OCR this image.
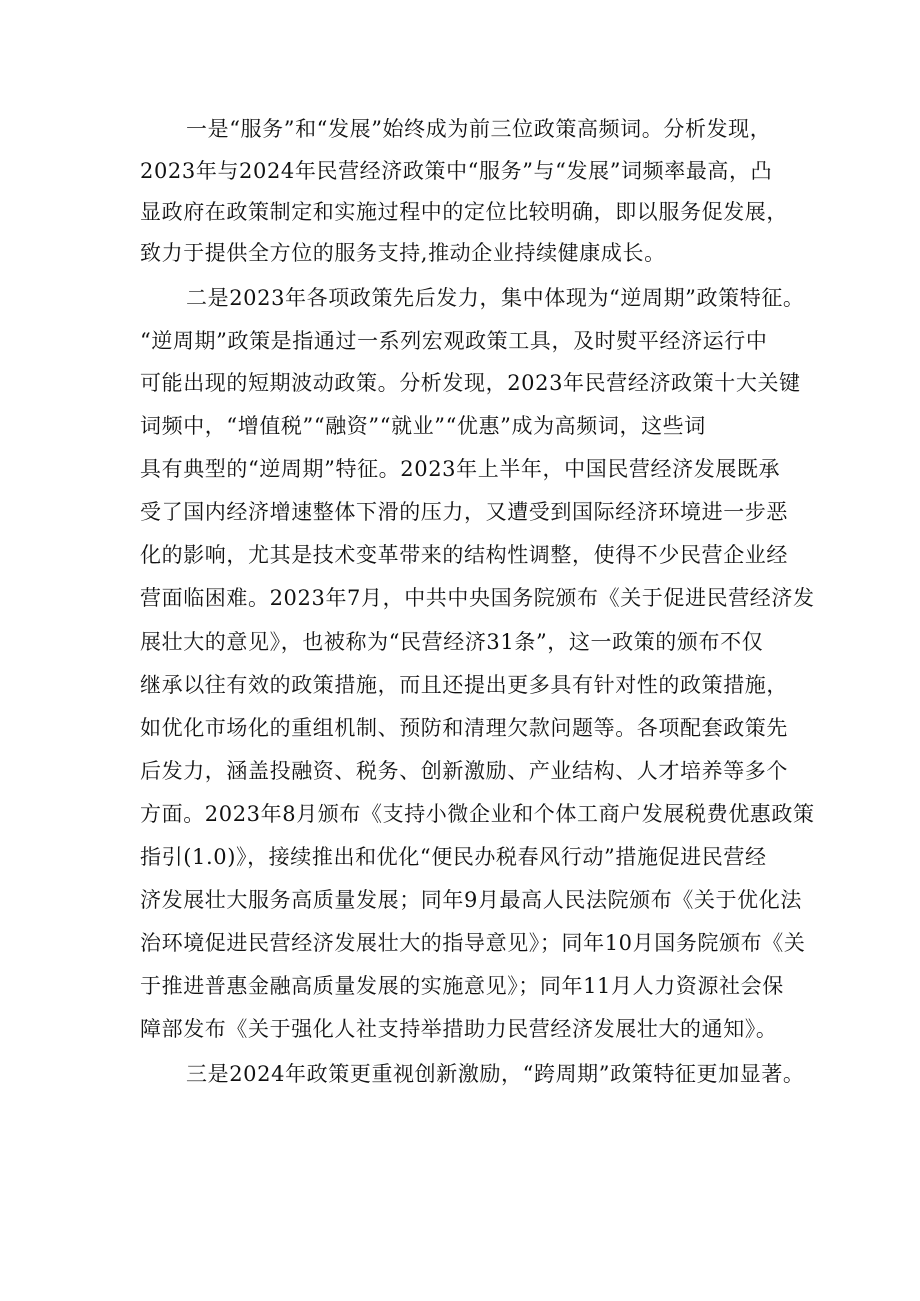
一是“服务”和“发展”始终成为前三位政策高频词。分析发现，
2023年与2024年民营经济政策中“服务”与“发展”词频率最高，凸
显政府在政策制定和实施过程中的定位比较明确，即以服务促发展，
致力于提供全方位的服务支持,推动企业持续健康成长。
二是2023年各项政策先后发力，集中体现为“逆周期”政策特征。
“逆周期”政策是指通过一系列宏观政策工具，及时熨平经济运行中
可能出现的短期波动政策。分析发现，2023年民营经济政策十大关键
词频中，“增值税”“融资”“就业”“优惠”成为高频词，这些词
具有典型的“逆周期”特征。2023年上半年，中国民营经济发展既承
受了国内经济增速整体下滑的压力，又遭受到国际经济环境进一步恶
化的影响，尤其是技术变革带来的结构性调整，使得不少民营企业经
营面临困难。2023年7月，中共中央国务院颁布《关于促进民营经济发
展壮大的意见》，也被称为“民营经济31条”，这一政策的颁布不仅
继承以往有效的政策措施，而且还提出更多具有针对性的政策措施，
如优化市场化的重组机制、预防和清理欠款问题等。各项配套政策先
后发力，涵盖投融资、税务、创新激励、产业结构、人才培养等多个
方面。2023年8月颁布《支持小微企业和个体工商户发展税费优惠政策
指引(1.0)》，接续推出和优化“便民办税春风行动”措施促进民营经
济发展壮大服务高质量发展；同年9月最高人民法院颁布《关于优化法
治环境促进民营经济发展壮大的指导意见》；同年10月国务院颁布《关
于推进普惠金融高质量发展的实施意见》；同年11月人力资源社会保
障部发布《关于强化人社支持举措助力民营经济发展壮大的通知》。
三是2024年政策更重视创新激励，“跨周期”政策特征更加显著。
